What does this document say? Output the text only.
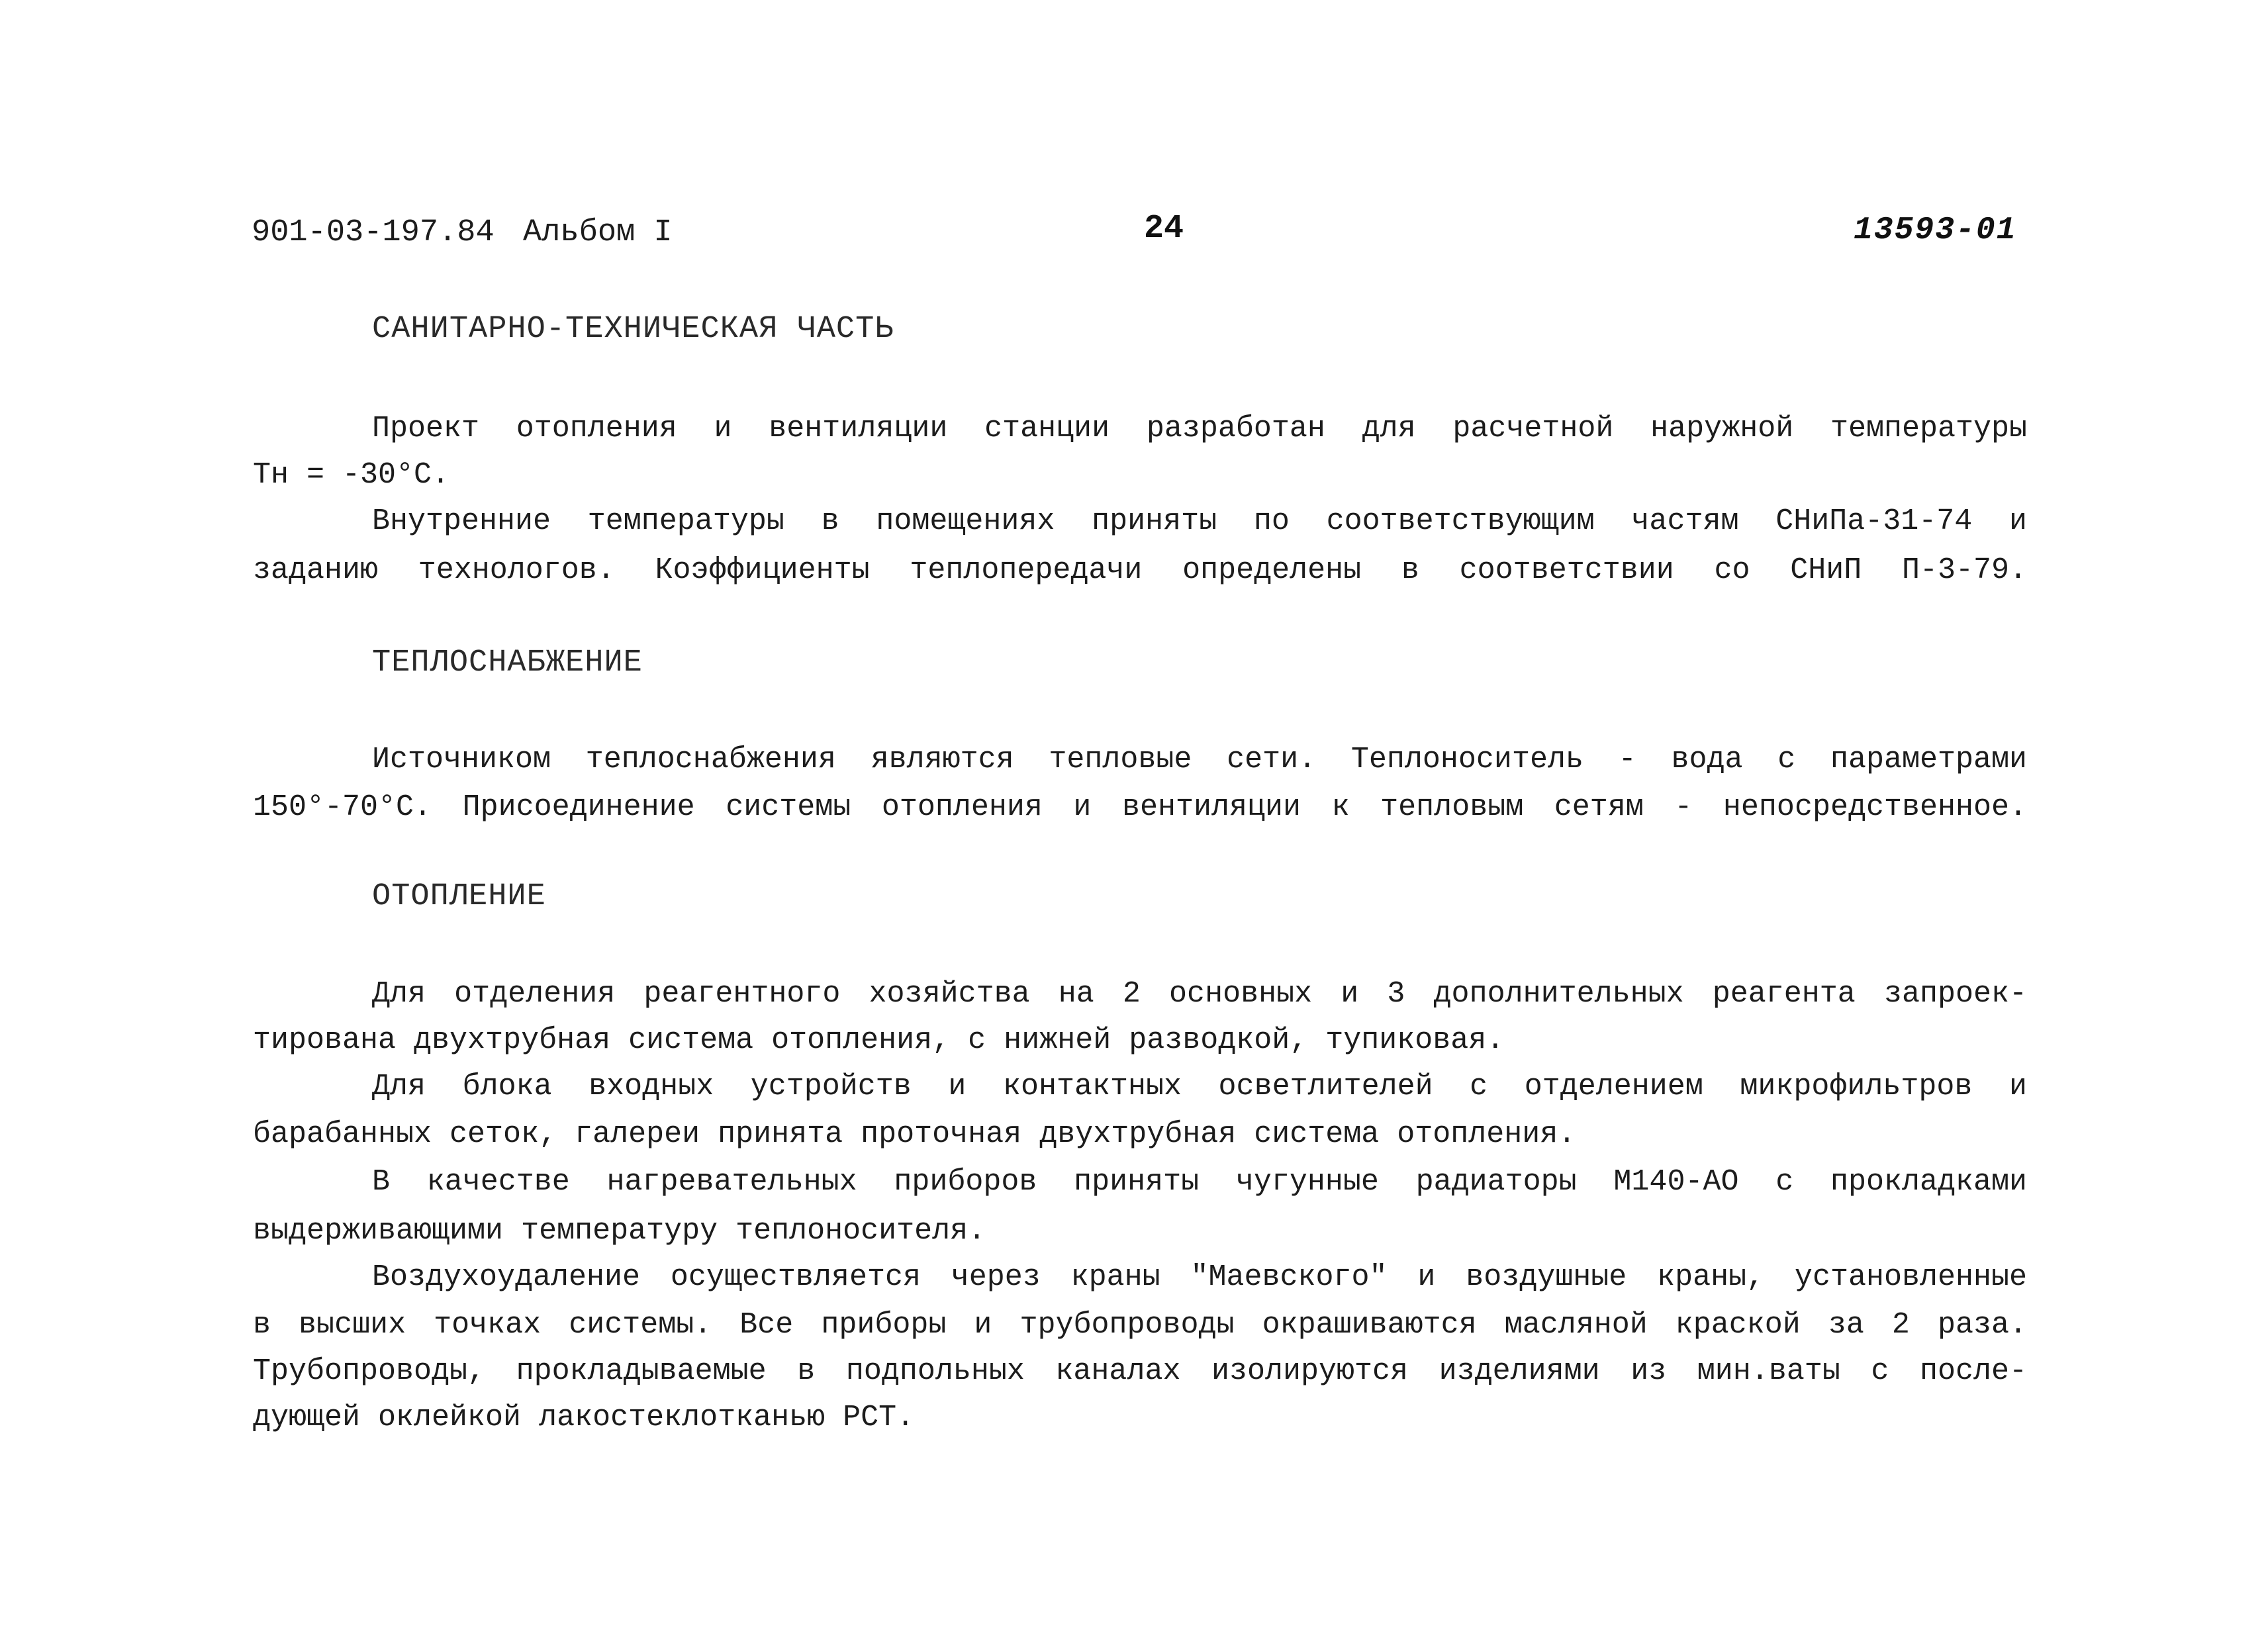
901-03-197.84 Альбом I	24	13593-01
САНИТАРНО-ТЕХНИЧЕСКАЯ ЧАСТЬ
Проект отопления и вентиляции станции разработан для расчетной наружной температуры
Тн = -30°С.
Внутренние температуры в помещениях приняты по соответствующим частям СНиПа-31-74 и
заданию технологов. Коэффициенты теплопередачи определены в соответствии со СНиП П-3-79.
ТЕПЛОСНАБЖЕНИЕ
Источником теплоснабжения являются тепловые сети. Теплоноситель - вода с параметрами
150°-70°С. Присоединение системы отопления и вентиляции к тепловым сетям - непосредственное.
ОТОПЛЕНИЕ
Для отделения реагентного хозяйства на 2 основных и 3 дополнительных реагента запроек-
тирована двухтрубная система отопления, с нижней разводкой, тупиковая.
Для блока входных устройств и контактных осветлителей с отделением микрофильтров и
барабанных сеток, галереи принята проточная двухтрубная система отопления.
В качестве нагревательных приборов приняты чугунные радиаторы М140-АО с прокладками
выдерживающими температуру теплоносителя.
Воздухоудаление осуществляется через краны "Маевского" и воздушные краны, установленные
в высших точках системы. Все приборы и трубопроводы окрашиваются масляной краской за 2 раза.
Трубопроводы, прокладываемые в подпольных каналах изолируются изделиями из мин.ваты с после-
дующей оклейкой лакостеклотканью РСТ.
